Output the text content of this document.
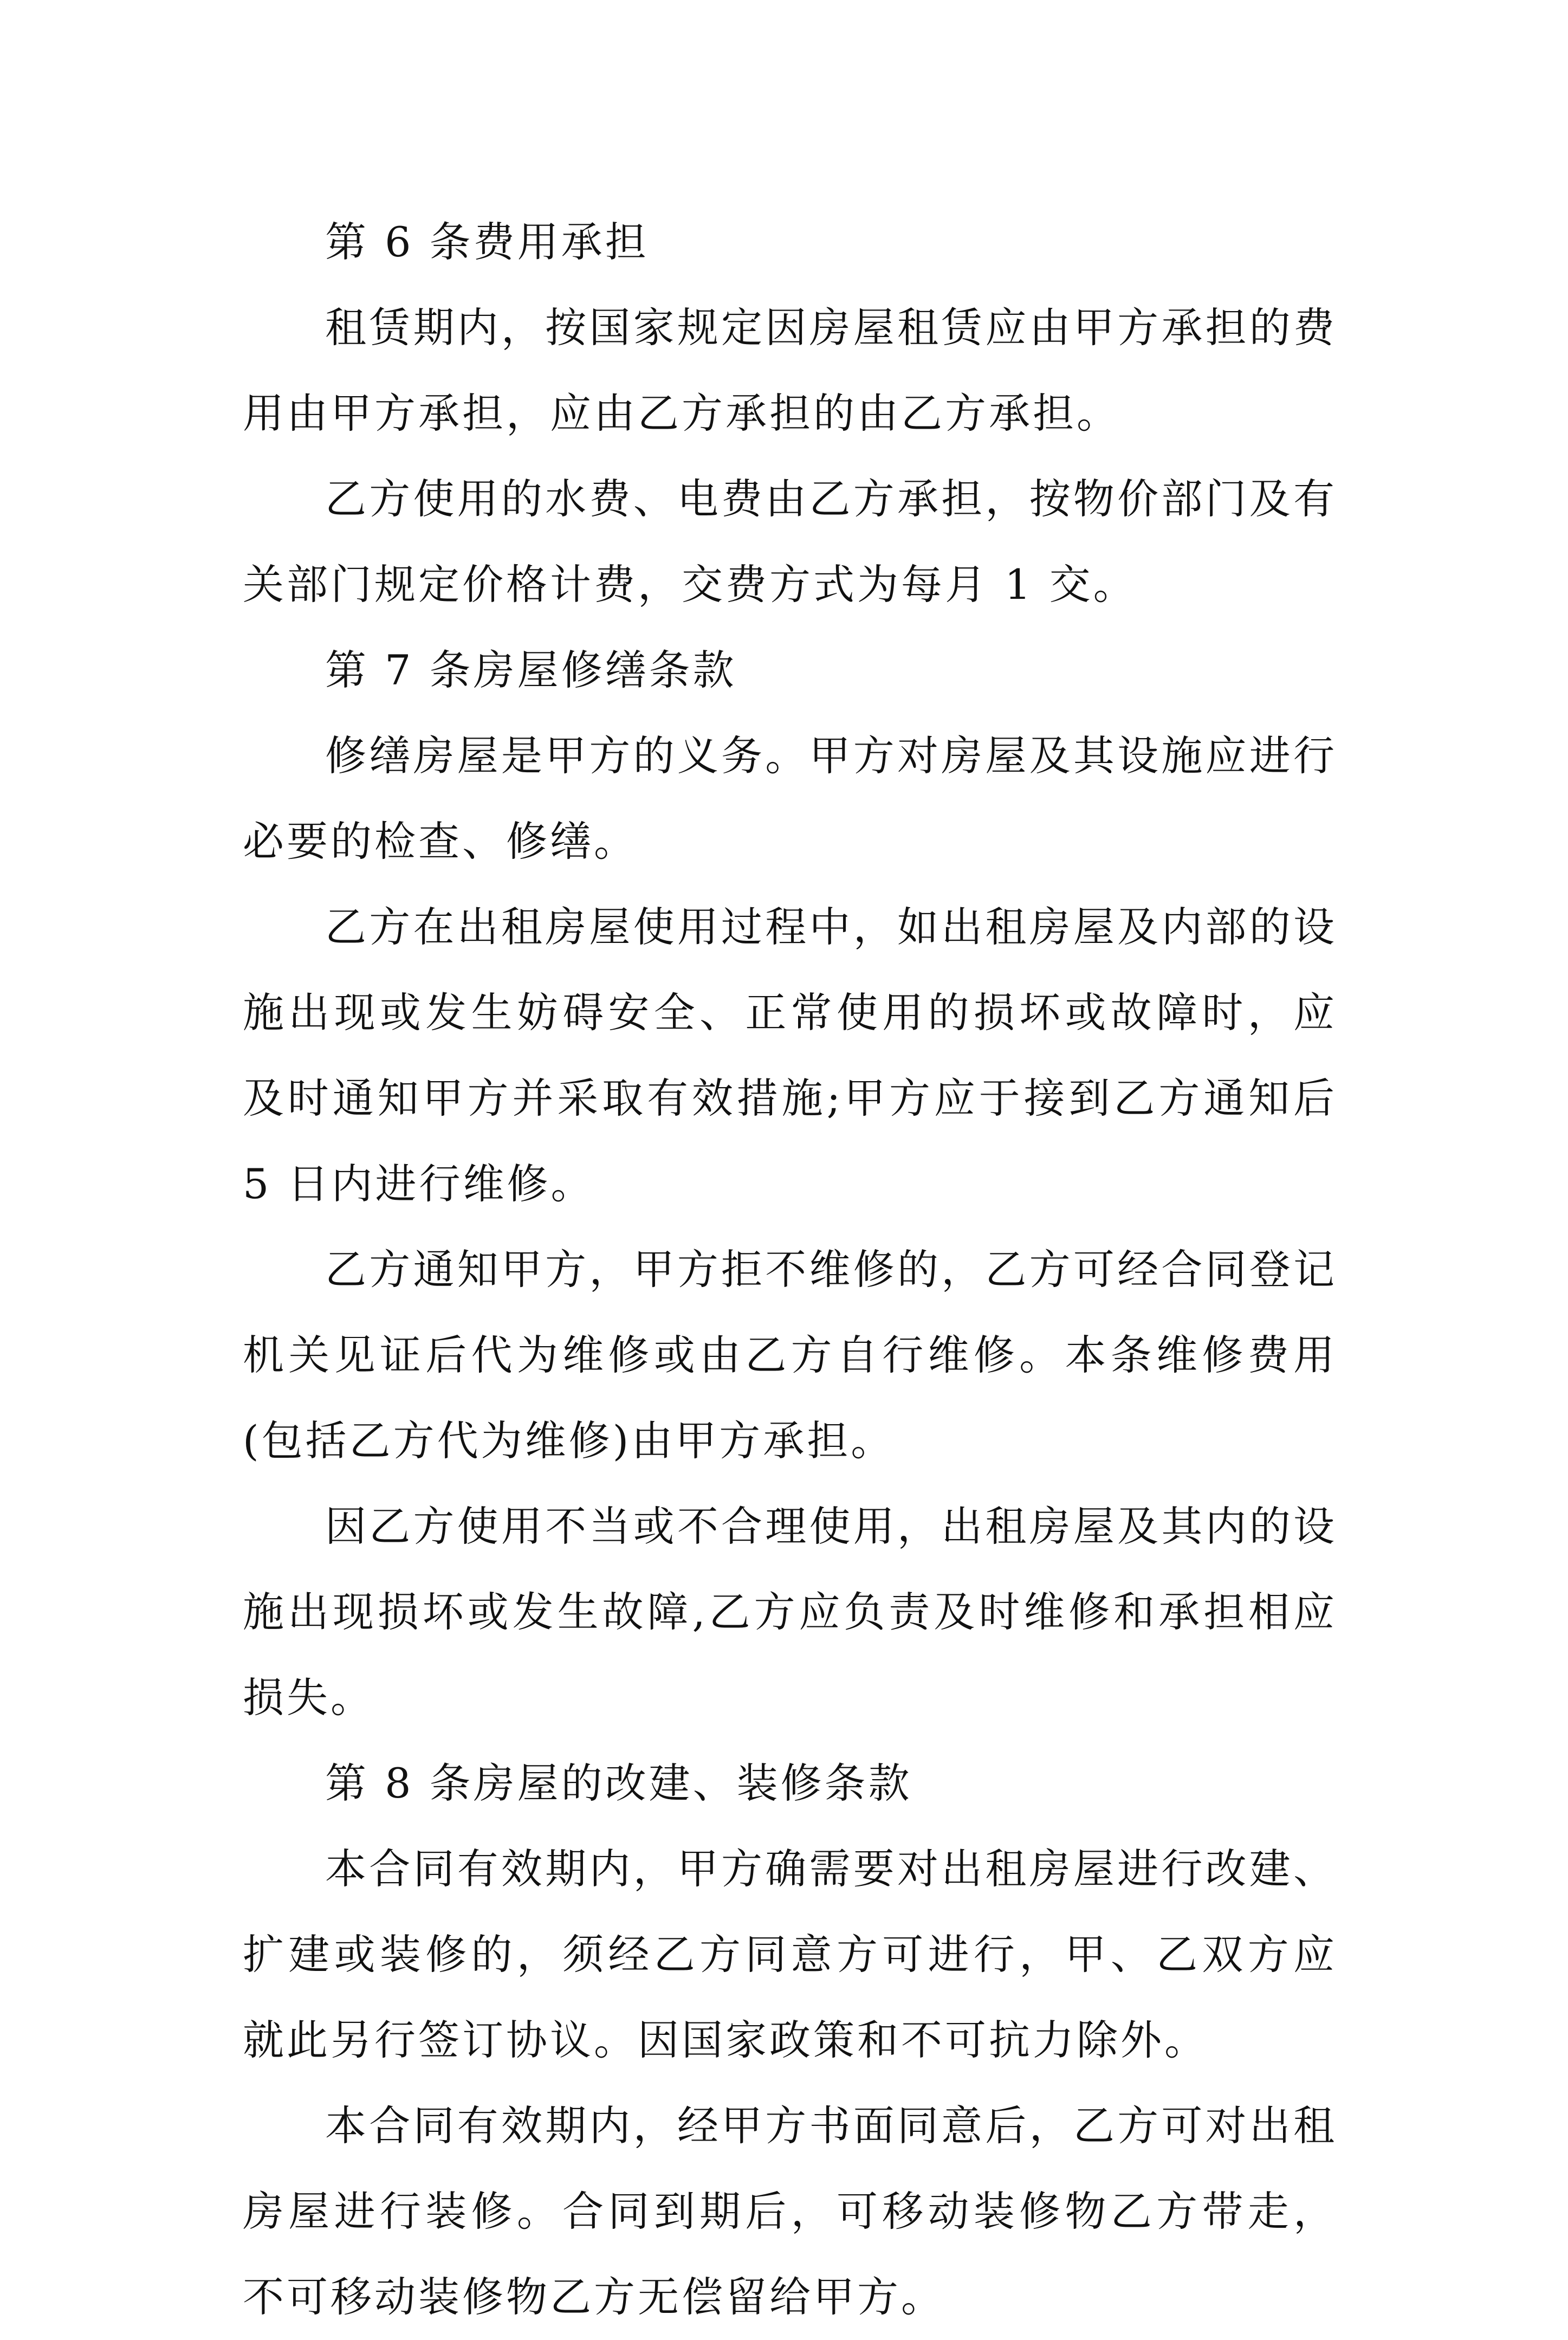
第 6 条费用承担

租赁期内，按国家规定因房屋租赁应由甲方承担的费用由甲方承担，应由乙方承担的由乙方承担。

乙方使用的水费、电费由乙方承担，按物价部门及有关部门规定价格计费，交费方式为每月 1 交。

第 7 条房屋修缮条款

修缮房屋是甲方的义务。甲方对房屋及其设施应进行必要的检查、修缮。

乙方在出租房屋使用过程中，如出租房屋及内部的设施出现或发生妨碍安全、正常使用的损坏或故障时，应及时通知甲方并采取有效措施;甲方应于接到乙方通知后 5 日内进行维修。

乙方通知甲方，甲方拒不维修的，乙方可经合同登记机关见证后代为维修或由乙方自行维修。本条维修费用(包括乙方代为维修)由甲方承担。

因乙方使用不当或不合理使用，出租房屋及其内的设施出现损坏或发生故障,乙方应负责及时维修和承担相应损失。

第 8 条房屋的改建、装修条款

本合同有效期内，甲方确需要对出租房屋进行改建、扩建或装修的，须经乙方同意方可进行，甲、乙双方应就此另行签订协议。因国家政策和不可抗力除外。

本合同有效期内，经甲方书面同意后，乙方可对出租房屋进行装修。合同到期后，可移动装修物乙方带走，不可移动装修物乙方无偿留给甲方。
